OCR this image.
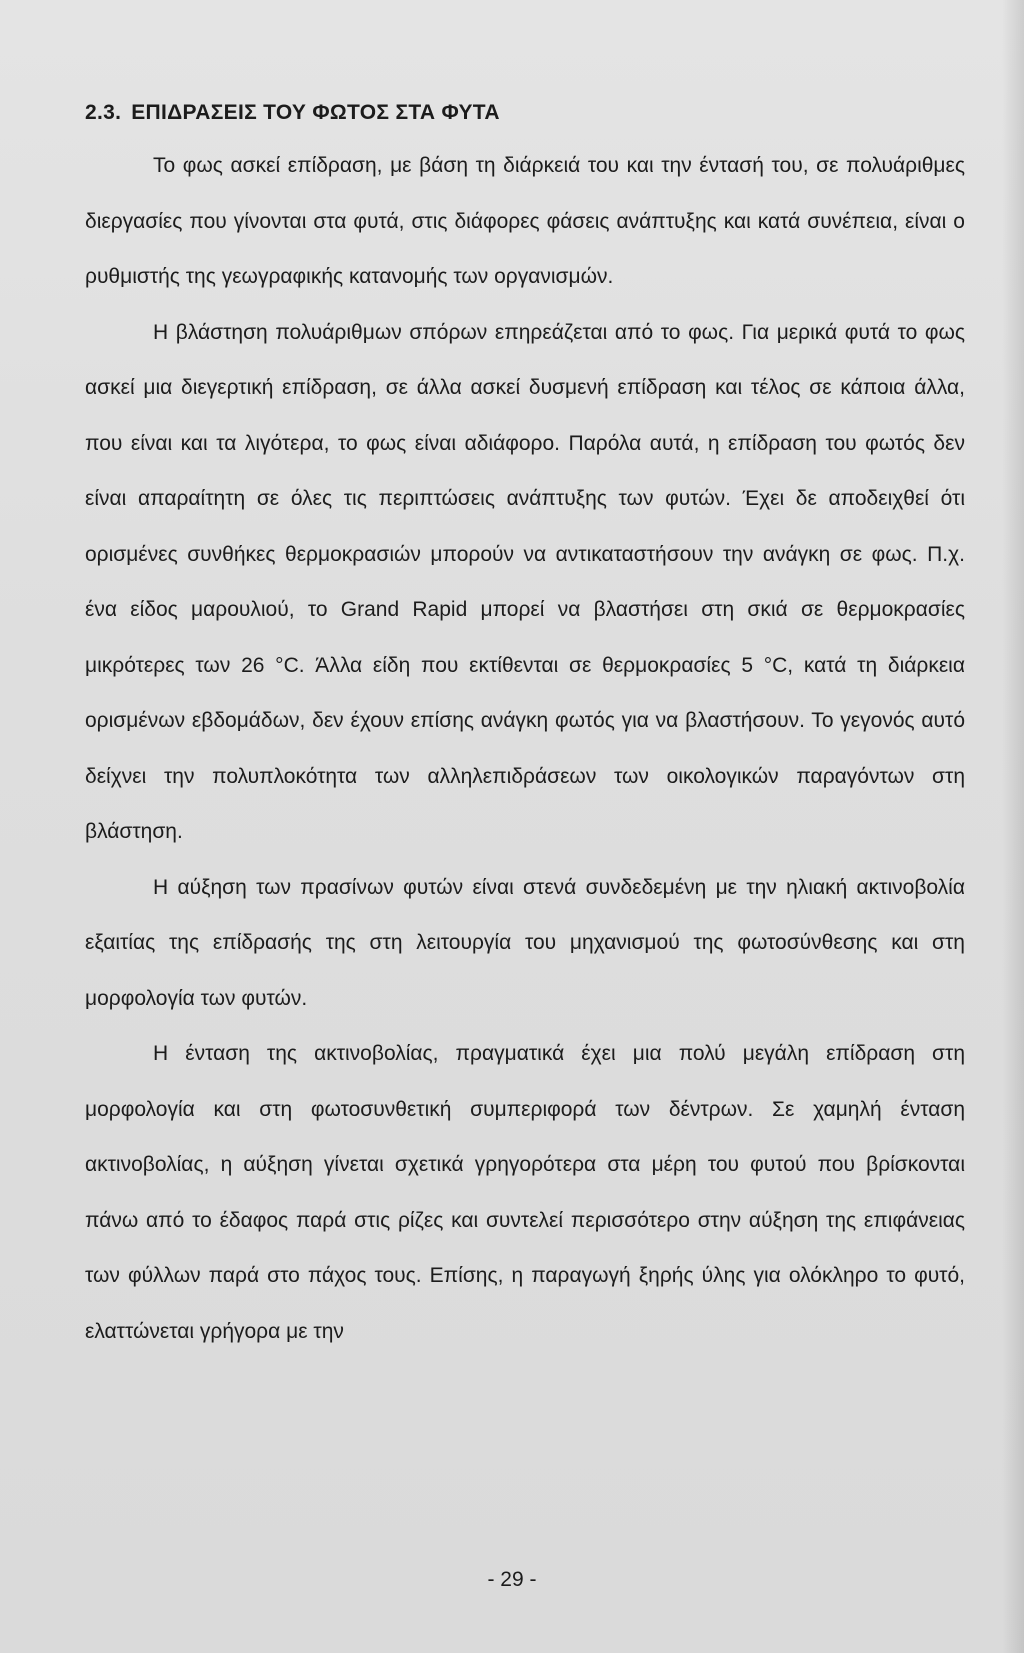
2.3. ΕΠΙΔΡΑΣΕΙΣ ΤΟΥ ΦΩΤΟΣ ΣΤΑ ΦΥΤΑ

Το φως ασκεί επίδραση, με βάση τη διάρκειά του και την έντασή του, σε πολυάριθμες διεργασίες που γίνονται στα φυτά, στις διάφορες φάσεις ανάπτυξης και κατά συνέπεια, είναι ο ρυθμιστής της γεωγραφικής κατανομής των οργανισμών.

Η βλάστηση πολυάριθμων σπόρων επηρεάζεται από το φως. Για μερικά φυτά το φως ασκεί μια διεγερτική επίδραση, σε άλλα ασκεί δυσμενή επίδραση και τέλος σε κάποια άλλα, που είναι και τα λιγότερα, το φως είναι αδιάφορο. Παρόλα αυτά, η επίδραση του φωτός δεν είναι απαραίτητη σε όλες τις περιπτώσεις ανάπτυξης των φυτών. Έχει δε αποδειχθεί ότι ορισμένες συνθήκες θερμοκρασιών μπορούν να αντικαταστήσουν την ανάγκη σε φως. Π.χ. ένα είδος μαρουλιού, το Grand Rapid μπορεί να βλαστήσει στη σκιά σε θερμοκρασίες μικρότερες των 26 °C. Άλλα είδη που εκτίθενται σε θερμοκρασίες 5 °C, κατά τη διάρκεια ορισμένων εβδομάδων, δεν έχουν επίσης ανάγκη φωτός για να βλαστήσουν. Το γεγονός αυτό δείχνει την πολυπλοκότητα των αλληλεπιδράσεων των οικολογικών παραγόντων στη βλάστηση.

Η αύξηση των πρασίνων φυτών είναι στενά συνδεδεμένη με την ηλιακή ακτινοβολία εξαιτίας της επίδρασής της στη λειτουργία του μηχανισμού της φωτοσύνθεσης και στη μορφολογία των φυτών.

Η ένταση της ακτινοβολίας, πραγματικά έχει μια πολύ μεγάλη επίδραση στη μορφολογία και στη φωτοσυνθετική συμπεριφορά των δέντρων. Σε χαμηλή ένταση ακτινοβολίας, η αύξηση γίνεται σχετικά γρηγορότερα στα μέρη του φυτού που βρίσκονται πάνω από το έδαφος παρά στις ρίζες και συντελεί περισσότερο στην αύξηση της επιφάνειας των φύλλων παρά στο πάχος τους. Επίσης, η παραγωγή ξηρής ύλης για ολόκληρο το φυτό, ελαττώνεται γρήγορα με την

- 29 -
